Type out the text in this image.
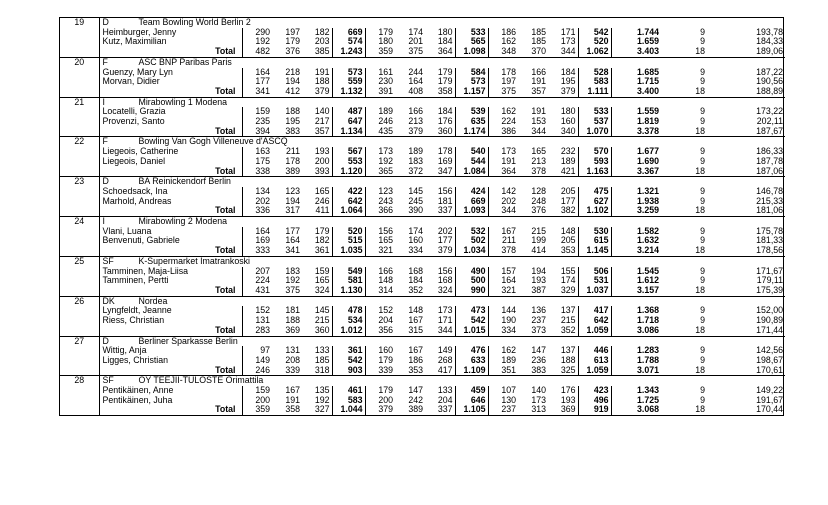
19	D Team Bowling World Berlin 2															
	Heimburger, Jenny	290	197	182	669	179	174	180	533	186	185	171	542	1.744	9	193,78
	Kutz, Maximilian	192	179	203	574	180	201	184	565	162	185	173	520	1.659	9	184,33
	Total	482	376	385	1.243	359	375	364	1.098	348	370	344	1.062	3.403	18	189,06
20	F ASC BNP Paribas Paris															
	Guenzy, Mary Lyn	164	218	191	573	161	244	179	584	178	166	184	528	1.685	9	187,22
	Morvan, Didier	177	194	188	559	230	164	179	573	197	191	195	583	1.715	9	190,56
	Total	341	412	379	1.132	391	408	358	1.157	375	357	379	1.111	3.400	18	188,89
21	I Mirabowling 1 Modena															
	Locatelli, Grazia	159	188	140	487	189	166	184	539	162	191	180	533	1.559	9	173,22
	Provenzi, Santo	235	195	217	647	246	213	176	635	224	153	160	537	1.819	9	202,11
	Total	394	383	357	1.134	435	379	360	1.174	386	344	340	1.070	3.378	18	187,67
22	F Bowling Van Gogh Villeneuve d'ASCQ															
	Liegeois, Catherine	163	211	193	567	173	189	178	540	173	165	232	570	1.677	9	186,33
	Liegeois, Daniel	175	178	200	553	192	183	169	544	191	213	189	593	1.690	9	187,78
	Total	338	389	393	1.120	365	372	347	1.084	364	378	421	1.163	3.367	18	187,06
23	D BA Reinickendorf Berlin															
	Schoedsack, Ina	134	123	165	422	123	145	156	424	142	128	205	475	1.321	9	146,78
	Marhold, Andreas	202	194	246	642	243	245	181	669	202	248	177	627	1.938	9	215,33
	Total	336	317	411	1.064	366	390	337	1.093	344	376	382	1.102	3.259	18	181,06
24	I Mirabowling 2 Modena															
	Vlani, Luana	164	177	179	520	156	174	202	532	167	215	148	530	1.582	9	175,78
	Benvenuti, Gabriele	169	164	182	515	165	160	177	502	211	199	205	615	1.632	9	181,33
	Total	333	341	361	1.035	321	334	379	1.034	378	414	353	1.145	3.214	18	178,56
25	SF K-Supermarket Imatrankoski															
	Tamminen, Maja-Liisa	207	183	159	549	166	168	156	490	157	194	155	506	1.545	9	171,67
	Tamminen, Pertti	224	192	165	581	148	184	168	500	164	193	174	531	1.612	9	179,11
	Total	431	375	324	1.130	314	352	324	990	321	387	329	1.037	3.157	18	175,39
26	DK Nordea															
	Lyngfeldt, Jeanne	152	181	145	478	152	148	173	473	144	136	137	417	1.368	9	152,00
	Riess, Christian	131	188	215	534	204	167	171	542	190	237	215	642	1.718	9	190,89
	Total	283	369	360	1.012	356	315	344	1.015	334	373	352	1.059	3.086	18	171,44
27	D Berliner Sparkasse Berlin															
	Wittig, Anja	97	131	133	361	160	167	149	476	162	147	137	446	1.283	9	142,56
	Ligges, Christian	149	208	185	542	179	186	268	633	189	236	188	613	1.788	9	198,67
	Total	246	339	318	903	339	353	417	1.109	351	383	325	1.059	3.071	18	170,61
28	SF OY TEEJII-TULOSTE Orimattila															
	Pentikäinen, Anne	159	167	135	461	179	147	133	459	107	140	176	423	1.343	9	149,22
	Pentikäinen, Juha	200	191	192	583	200	242	204	646	130	173	193	496	1.725	9	191,67
	Total	359	358	327	1.044	379	389	337	1.105	237	313	369	919	3.068	18	170,44
